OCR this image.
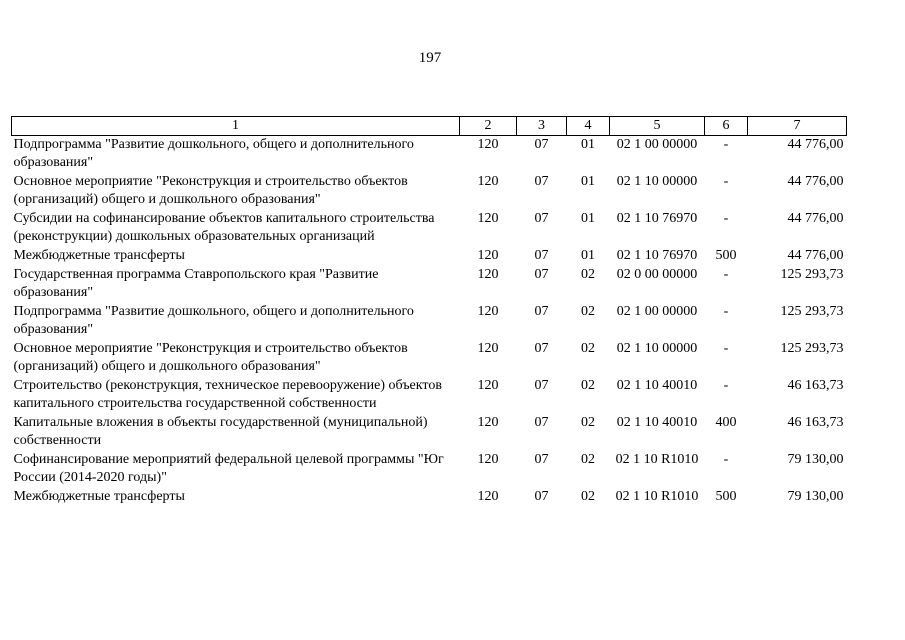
197
1	2	3	4	5	6	7
Подпрограмма "Развитие дошкольного, общего и дополнительного образования"	120	07	01	02 1 00 00000	-	44 776,00
Основное мероприятие "Реконструкция и строительство объектов (организаций) общего и дошкольного образования"	120	07	01	02 1 10 00000	-	44 776,00
Субсидии на софинансирование объектов капитального строительства (реконструкции) дошкольных образовательных организаций	120	07	01	02 1 10 76970	-	44 776,00
Межбюджетные трансферты	120	07	01	02 1 10 76970	500	44 776,00
Государственная программа Ставропольского края "Развитие образования"	120	07	02	02 0 00 00000	-	125 293,73
Подпрограмма "Развитие дошкольного, общего и дополнительного образования"	120	07	02	02 1 00 00000	-	125 293,73
Основное мероприятие "Реконструкция и строительство объектов (организаций) общего и дошкольного образования"	120	07	02	02 1 10 00000	-	125 293,73
Строительство (реконструкция, техническое перевооружение) объектов капитального строительства государственной собственности	120	07	02	02 1 10 40010	-	46 163,73
Капитальные вложения в объекты государственной (муниципальной) собственности	120	07	02	02 1 10 40010	400	46 163,73
Софинансирование мероприятий федеральной целевой программы "Юг России (2014-2020 годы)"	120	07	02	02 1 10 R1010	-	79 130,00
Межбюджетные трансферты	120	07	02	02 1 10 R1010	500	79 130,00
